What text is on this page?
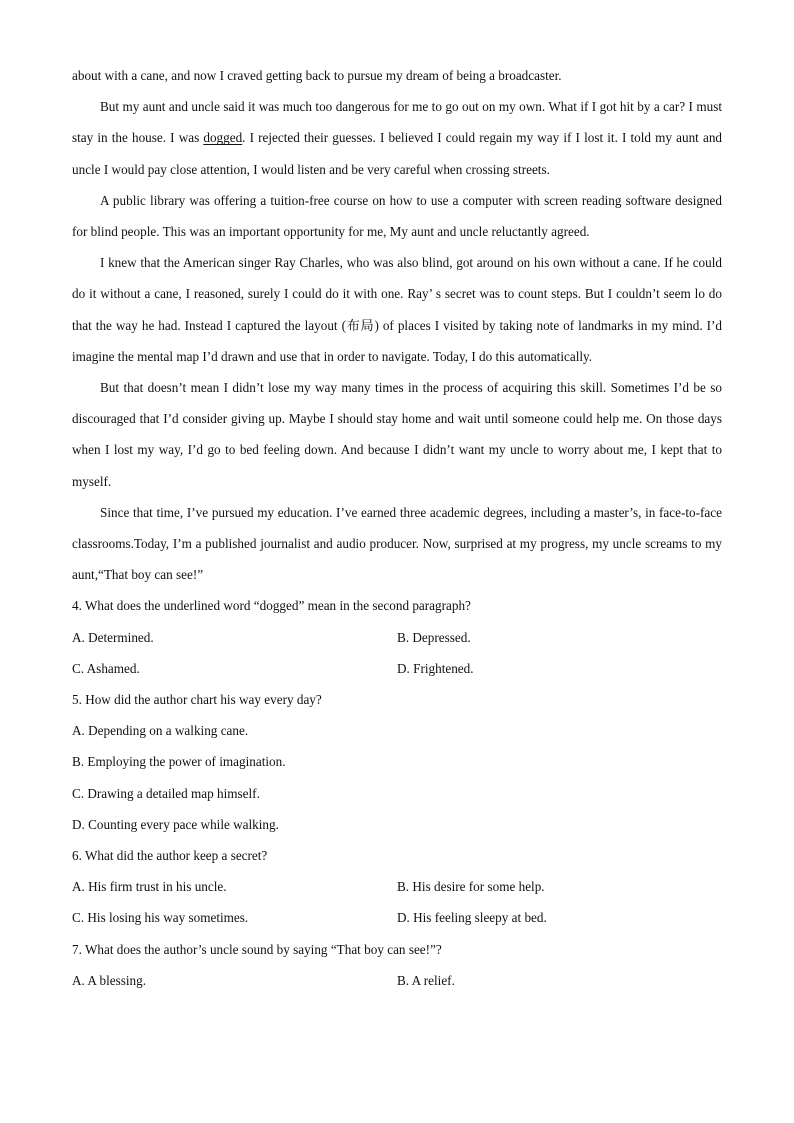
about with a cane, and now I craved getting back to pursue my dream of being a broadcaster.

But my aunt and uncle said it was much too dangerous for me to go out on my own. What if I got hit by a car? I must stay in the house. I was dogged. I rejected their guesses. I believed I could regain my way if I lost it. I told my aunt and uncle I would pay close attention, I would listen and be very careful when crossing streets.

A public library was offering a tuition-free course on how to use a computer with screen reading software designed for blind people. This was an important opportunity for me, My aunt and uncle reluctantly agreed.

I knew that the American singer Ray Charles, who was also blind, got around on his own without a cane. If he could do it without a cane, I reasoned, surely I could do it with one. Ray’ s secret was to count steps. But I couldn’t seem lo do that the way he had. Instead I captured the layout (布局) of places I visited by taking note of landmarks in my mind. I’d imagine the mental map I’d drawn and use that in order to navigate. Today, I do this automatically.

But that doesn’t mean I didn’t lose my way many times in the process of acquiring this skill. Sometimes I’d be so discouraged that I’d consider giving up. Maybe I should stay home and wait until someone could help me. On those days when I lost my way, I’d go to bed feeling down. And because I didn’t want my uncle to worry about me, I kept that to myself.

Since that time, I’ve pursued my education. I’ve earned three academic degrees, including a master’s, in face-to-face classrooms.Today, I’m a published journalist and audio producer. Now, surprised at my progress, my uncle screams to my aunt,“That boy can see!”

4. What does the underlined word “dogged” mean in the second paragraph?

A. Determined.	B. Depressed.
C. Ashamed.	D. Frightened.

5. How did the author chart his way every day?

A. Depending on a walking cane.

B. Employing the power of imagination.

C. Drawing a detailed map himself.

D. Counting every pace while walking.

6. What did the author keep a secret?

A. His firm trust in his uncle.	B. His desire for some help.
C. His losing his way sometimes.	D. His feeling sleepy at bed.

7. What does the author’s uncle sound by saying “That boy can see!”?

A. A blessing.	B. A relief.
